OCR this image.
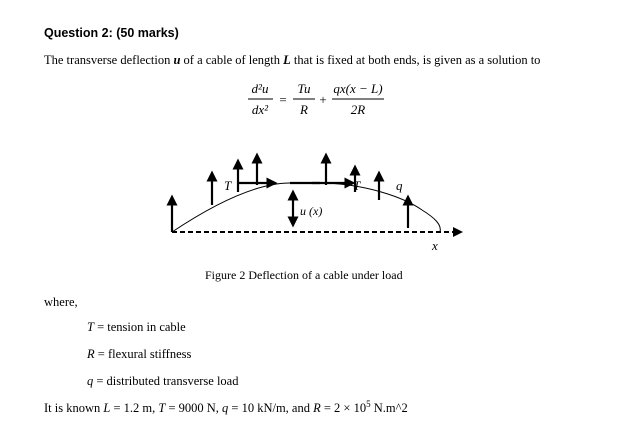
Question 2: (50 marks)
The transverse deflection u of a cable of length L that is fixed at both ends, is given as a solution to
d²u
dx²
=
Tu
R
+
qx(x − L)
2R
T	T	q
u (x)
x
Figure 2 Deflection of a cable under load
where,
T = tension in cable
R = flexural stiffness
q = distributed transverse load
It is known L = 1.2 m, T = 9000 N, q = 10 kN/m, and $R = 2 \times 10^5$ N.m^2
